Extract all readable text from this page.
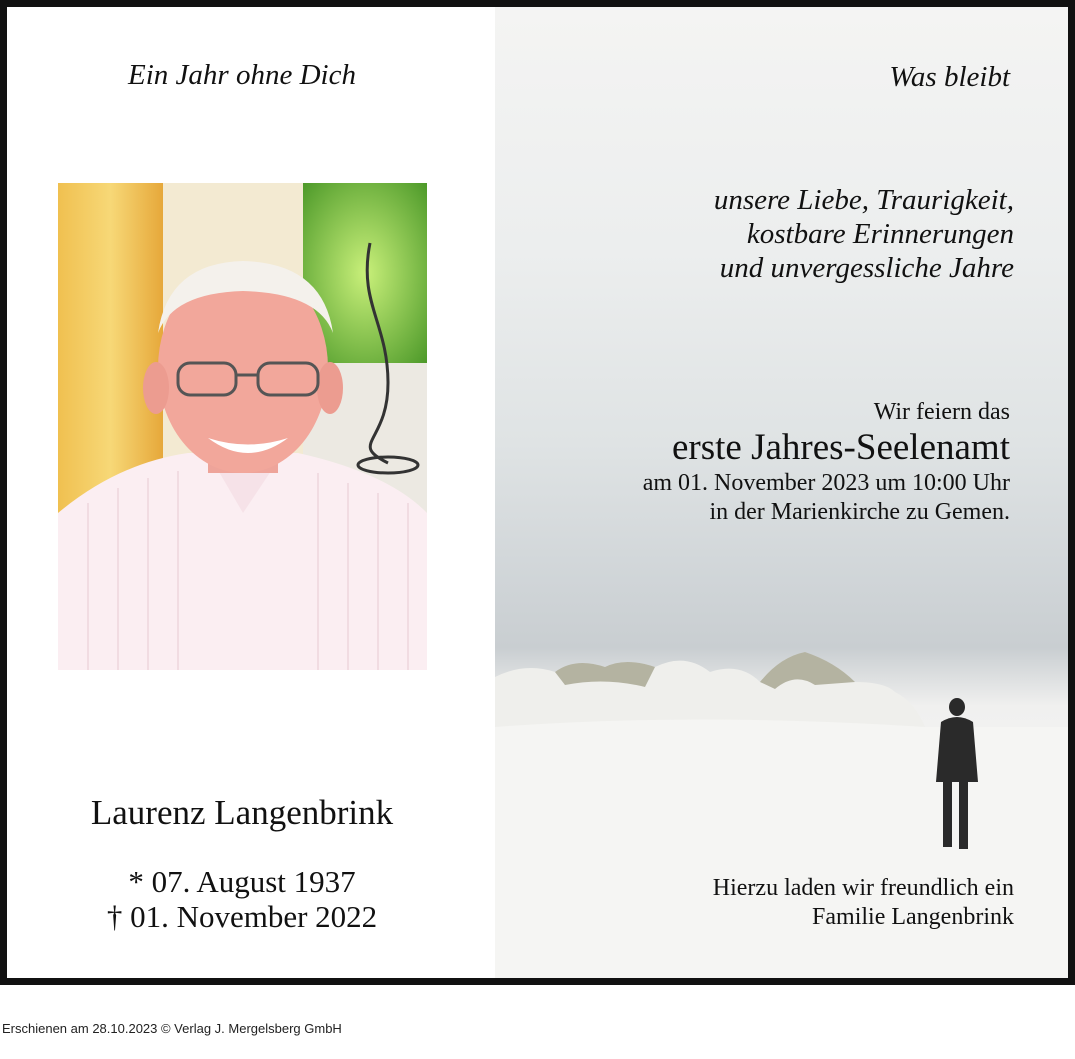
Ein Jahr ohne Dich
Laurenz Langenbrink
* 07. August 1937
† 01. November 2022
Was bleibt
unsere Liebe, Traurigkeit,
kostbare Erinnerungen
und unvergessliche Jahre
Wir feiern das
erste Jahres-Seelenamt
am 01. November 2023 um 10:00 Uhr
in der Marienkirche zu Gemen.
Hierzu laden wir freundlich ein
Familie Langenbrink
Erschienen am 28.10.2023 © Verlag J. Mergelsberg GmbH
